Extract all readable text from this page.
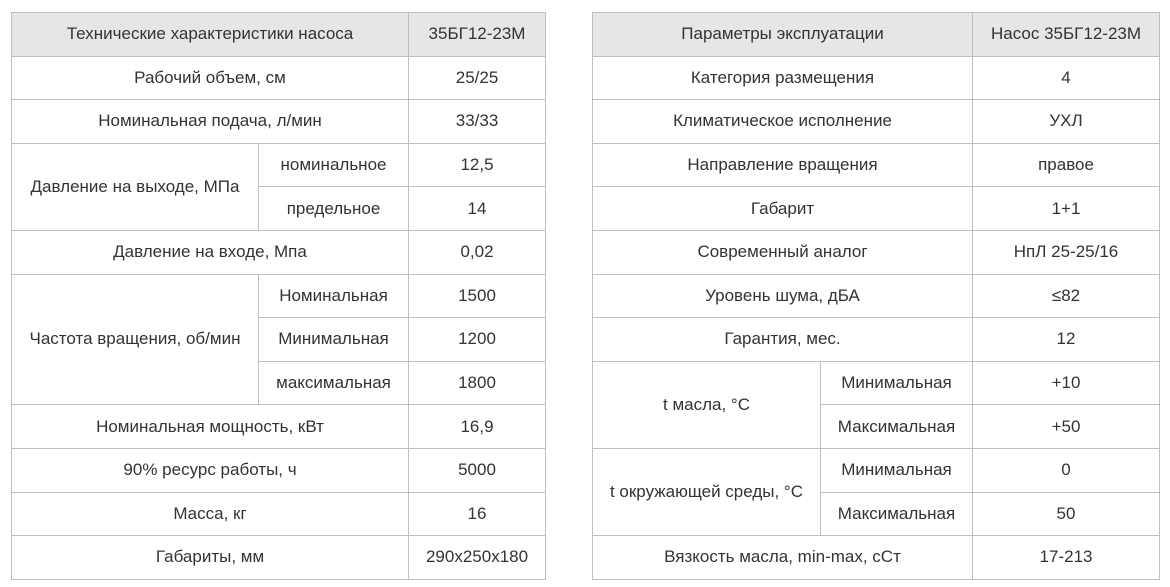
Технические характеристики насоса		35БГ12-23М
Рабочий объем, см		25/25
Номинальная подача, л/мин		33/33
Давление на выходе, МПа	номинальное	12,5
	предельное	14
Давление на входе, Мпа		0,02
Частота вращения, об/мин	Номинальная	1500
	Минимальная	1200
	максимальная	1800
Номинальная мощность, кВт		16,9
90% ресурс работы, ч		5000
Масса, кг		16
Габариты, мм		290х250х180
Параметры эксплуатации		Насос 35БГ12-23М
Категория размещения		4
Климатическое исполнение		УХЛ
Направление вращения		правое
Габарит		1+1
Современный аналог		НпЛ 25-25/16
Уровень шума, дБА		≤82
Гарантия, мес.		12
t масла, °C	Минимальная	+10
	Максимальная	+50
t окружающей среды, °C	Минимальная	0
	Максимальная	50
Вязкость масла, min-max, сСт		17-213
